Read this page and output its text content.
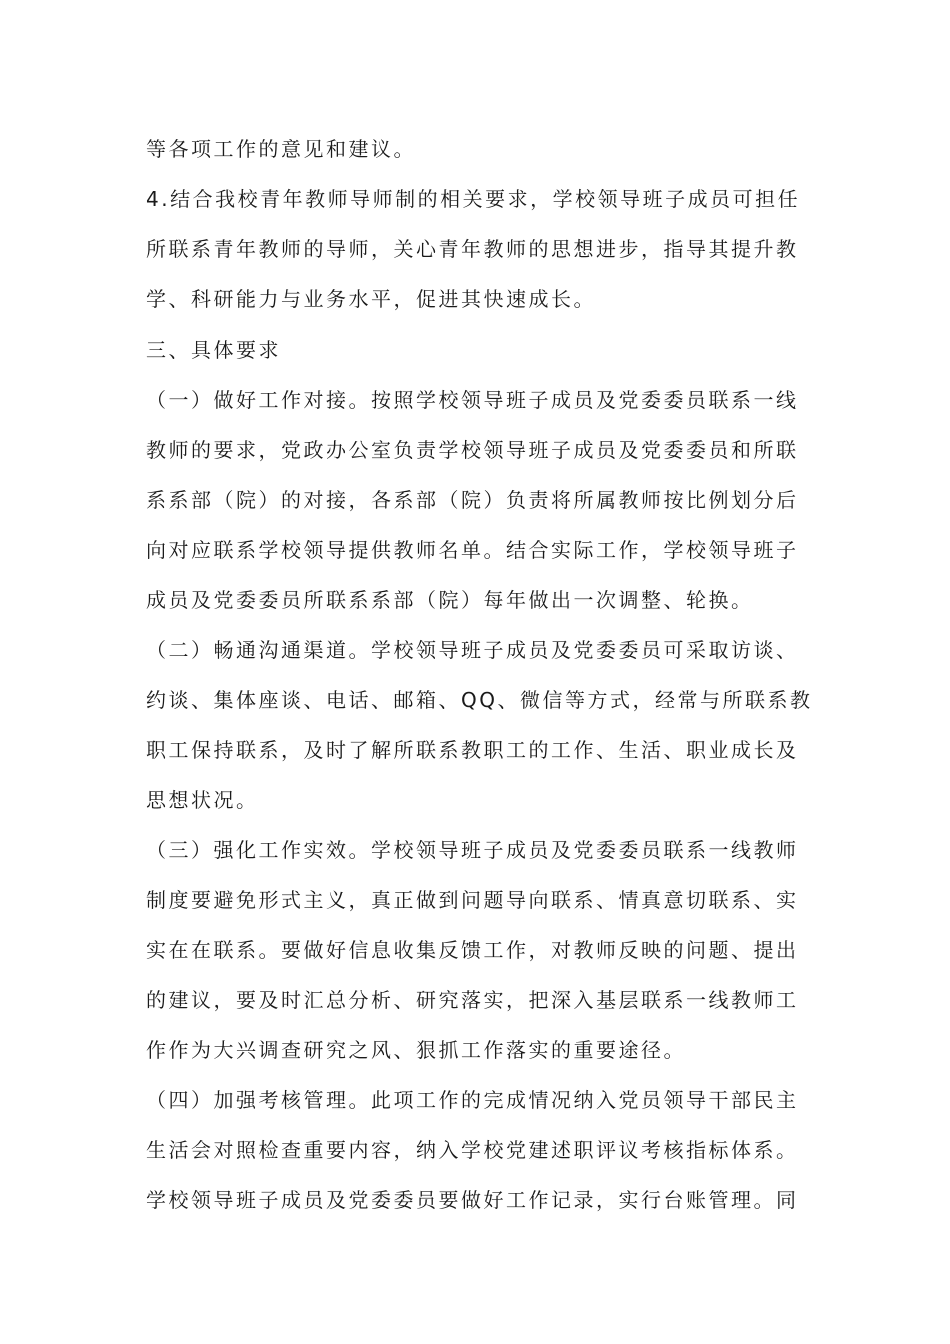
等各项工作的意见和建议。
4.结合我校青年教师导师制的相关要求，学校领导班子成员可担任
所联系青年教师的导师，关心青年教师的思想进步，指导其提升教
学、科研能力与业务水平，促进其快速成长。
三、具体要求
（一）做好工作对接。按照学校领导班子成员及党委委员联系一线
教师的要求，党政办公室负责学校领导班子成员及党委委员和所联
系系部（院）的对接，各系部（院）负责将所属教师按比例划分后
向对应联系学校领导提供教师名单。结合实际工作，学校领导班子
成员及党委委员所联系系部（院）每年做出一次调整、轮换。
（二）畅通沟通渠道。学校领导班子成员及党委委员可采取访谈、
约谈、集体座谈、电话、邮箱、QQ、微信等方式，经常与所联系教
职工保持联系，及时了解所联系教职工的工作、生活、职业成长及
思想状况。
（三）强化工作实效。学校领导班子成员及党委委员联系一线教师
制度要避免形式主义，真正做到问题导向联系、情真意切联系、实
实在在联系。要做好信息收集反馈工作，对教师反映的问题、提出
的建议，要及时汇总分析、研究落实，把深入基层联系一线教师工
作作为大兴调查研究之风、狠抓工作落实的重要途径。
（四）加强考核管理。此项工作的完成情况纳入党员领导干部民主
生活会对照检查重要内容，纳入学校党建述职评议考核指标体系。
学校领导班子成员及党委委员要做好工作记录，实行台账管理。同
